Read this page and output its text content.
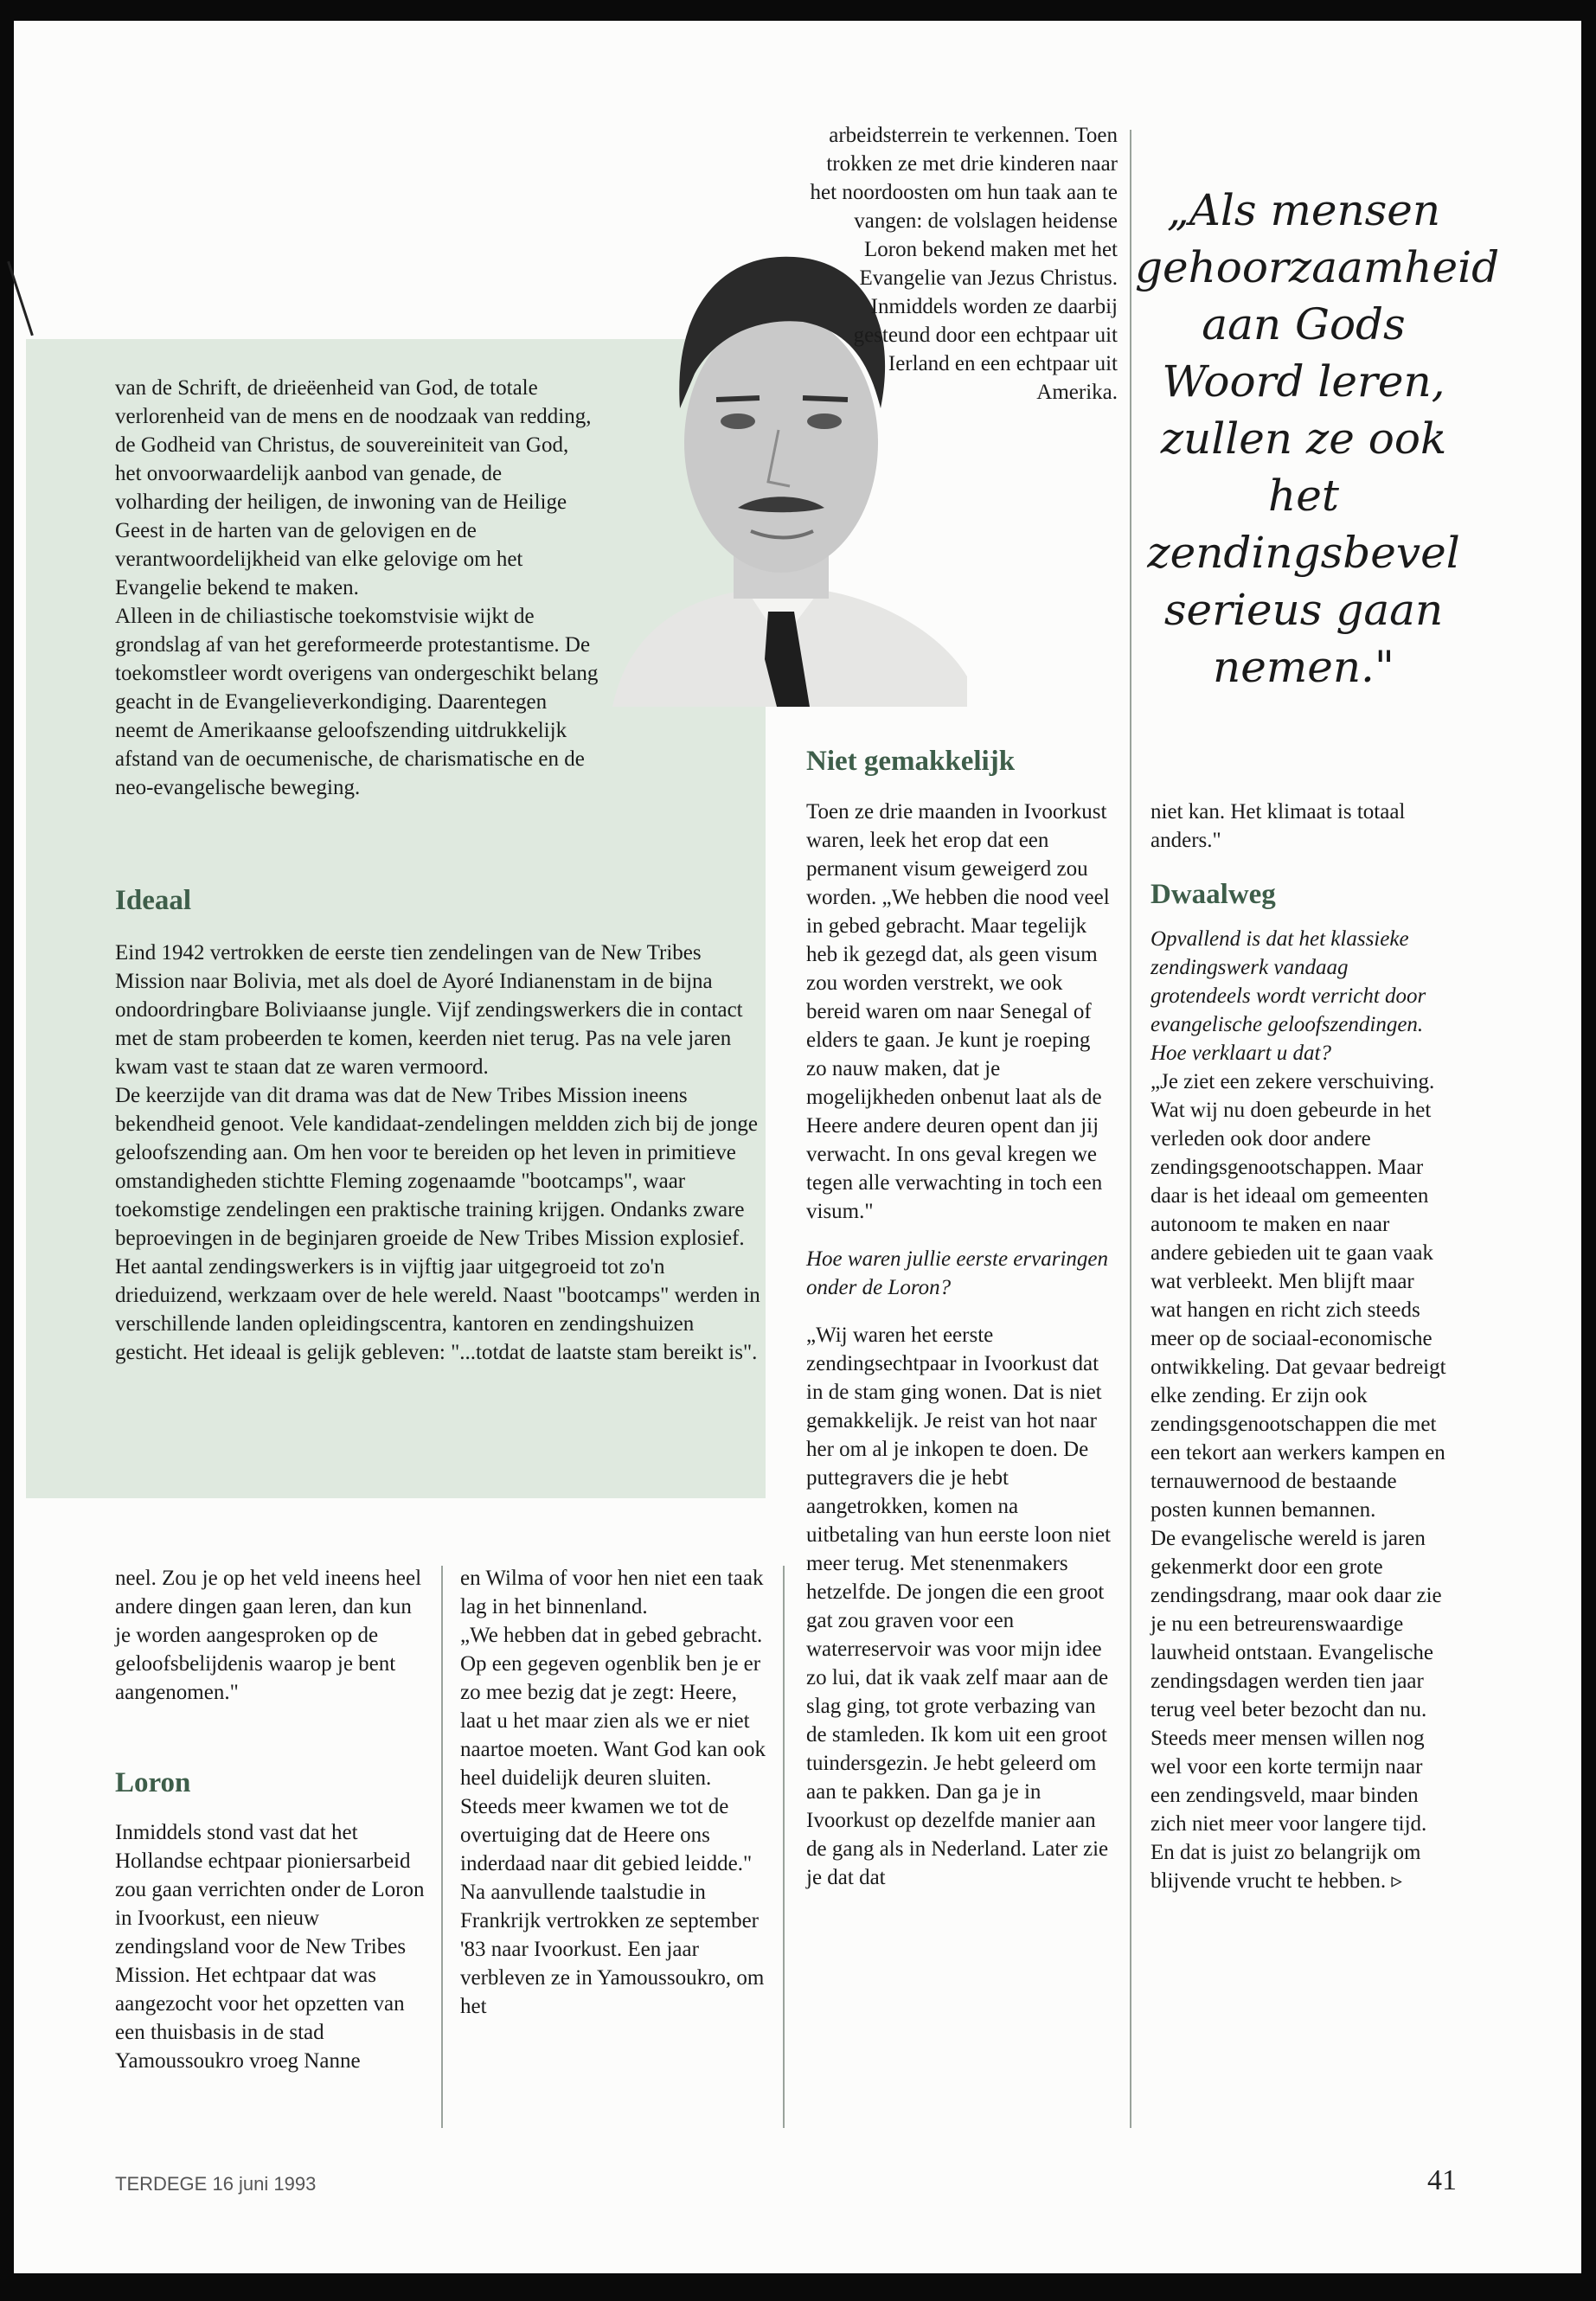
van de Schrift, de drieëenheid van God, de totale verlorenheid van de mens en de noodzaak van redding, de Godheid van Christus, de souvereiniteit van God, het onvoorwaardelijk aanbod van genade, de volharding der heiligen, de inwoning van de Heilige Geest in de harten van de gelovigen en de verantwoordelijkheid van elke gelovige om het Evangelie bekend te maken.

Alleen in de chiliastische toekomstvisie wijkt de grondslag af van het gereformeerde protestantisme. De toekomstleer wordt overigens van ondergeschikt belang geacht in de Evangelieverkondiging. Daarentegen neemt de Amerikaanse geloofszending uitdrukkelijk afstand van de oecumenische, de charismatische en de neo-evangelische beweging.

Ideaal

Eind 1942 vertrokken de eerste tien zendelingen van de New Tribes Mission naar Bolivia, met als doel de Ayoré Indianenstam in de bijna ondoordringbare Boliviaanse jungle. Vijf zendingswerkers die in contact met de stam probeerden te komen, keerden niet terug. Pas na vele jaren kwam vast te staan dat ze waren vermoord.

De keerzijde van dit drama was dat de New Tribes Mission ineens bekendheid genoot. Vele kandidaat-zendelingen meldden zich bij de jonge geloofszending aan. Om hen voor te bereiden op het leven in primitieve omstandigheden stichtte Fleming zogenaamde "bootcamps", waar toekomstige zendelingen een praktische training krijgen. Ondanks zware beproevingen in de beginjaren groeide de New Tribes Mission explosief. Het aantal zendingswerkers is in vijftig jaar uitgegroeid tot zo'n drieduizend, werkzaam over de hele wereld. Naast "bootcamps" werden in verschillende landen opleidingscentra, kantoren en zendingshuizen gesticht. Het ideaal is gelijk gebleven: "...totdat de laatste stam bereikt is".

arbeidsterrein te verkennen. Toen trokken ze met drie kinderen naar het noordoosten om hun taak aan te vangen: de volslagen heidense Loron bekend maken met het Evangelie van Jezus Christus. Inmiddels worden ze daarbij gesteund door een echtpaar uit Ierland en een echtpaar uit Amerika.

Niet gemakkelijk

Toen ze drie maanden in Ivoorkust waren, leek het erop dat een permanent visum geweigerd zou worden. „We hebben die nood veel in gebed gebracht. Maar tegelijk heb ik gezegd dat, als geen visum zou worden verstrekt, we ook bereid waren om naar Senegal of elders te gaan. Je kunt je roeping zo nauw maken, dat je mogelijkheden onbenut laat als de Heere andere deuren opent dan jij verwacht. In ons geval kregen we tegen alle verwachting in toch een visum."

Hoe waren jullie eerste ervaringen onder de Loron?

„Wij waren het eerste zendingsechtpaar in Ivoorkust dat in de stam ging wonen. Dat is niet gemakkelijk. Je reist van hot naar her om al je inkopen te doen. De puttegravers die je hebt aangetrokken, komen na uitbetaling van hun eerste loon niet meer terug. Met stenenmakers hetzelfde. De jongen die een groot gat zou graven voor een waterreservoir was voor mijn idee zo lui, dat ik vaak zelf maar aan de slag ging, tot grote verbazing van de stamleden. Ik kom uit een groot tuindersgezin. Je hebt geleerd om aan te pakken. Dan ga je in Ivoorkust op dezelfde manier aan de gang als in Nederland. Later zie je dat dat

„Als mensen gehoorzaamheid aan Gods Woord leren, zullen ze ook het zendingsbevel serieus gaan nemen."

niet kan. Het klimaat is totaal anders."

Dwaalweg

Opvallend is dat het klassieke zendingswerk vandaag grotendeels wordt verricht door evangelische geloofszendingen. Hoe verklaart u dat?

„Je ziet een zekere verschuiving. Wat wij nu doen gebeurde in het verleden ook door andere zendingsgenootschappen. Maar daar is het ideaal om gemeenten autonoom te maken en naar andere gebieden uit te gaan vaak wat verbleekt. Men blijft maar wat hangen en richt zich steeds meer op de sociaal-economische ontwikkeling. Dat gevaar bedreigt elke zending. Er zijn ook zendingsgenootschappen die met een tekort aan werkers kampen en ternauwernood de bestaande posten kunnen bemannen.

De evangelische wereld is jaren gekenmerkt door een grote zendingsdrang, maar ook daar zie je nu een betreurenswaardige lauwheid ontstaan. Evangelische zendingsdagen werden tien jaar terug veel beter bezocht dan nu. Steeds meer mensen willen nog wel voor een korte termijn naar een zendingsveld, maar binden zich niet meer voor langere tijd. En dat is juist zo belangrijk om blijvende vrucht te hebben. ▹

neel. Zou je op het veld ineens heel andere dingen gaan leren, dan kun je worden aangesproken op de geloofsbelijdenis waarop je bent aangenomen."

Loron

Inmiddels stond vast dat het Hollandse echtpaar pioniersarbeid zou gaan verrichten onder de Loron in Ivoorkust, een nieuw zendingsland voor de New Tribes Mission. Het echtpaar dat was aangezocht voor het opzetten van een thuisbasis in de stad Yamoussoukro vroeg Nanne

en Wilma of voor hen niet een taak lag in het binnenland.

„We hebben dat in gebed gebracht. Op een gegeven ogenblik ben je er zo mee bezig dat je zegt: Heere, laat u het maar zien als we er niet naartoe moeten. Want God kan ook heel duidelijk deuren sluiten. Steeds meer kwamen we tot de overtuiging dat de Heere ons inderdaad naar dit gebied leidde."

Na aanvullende taalstudie in Frankrijk vertrokken ze september '83 naar Ivoorkust. Een jaar verbleven ze in Yamoussoukro, om het

TERDEGE 16 juni 1993	41
